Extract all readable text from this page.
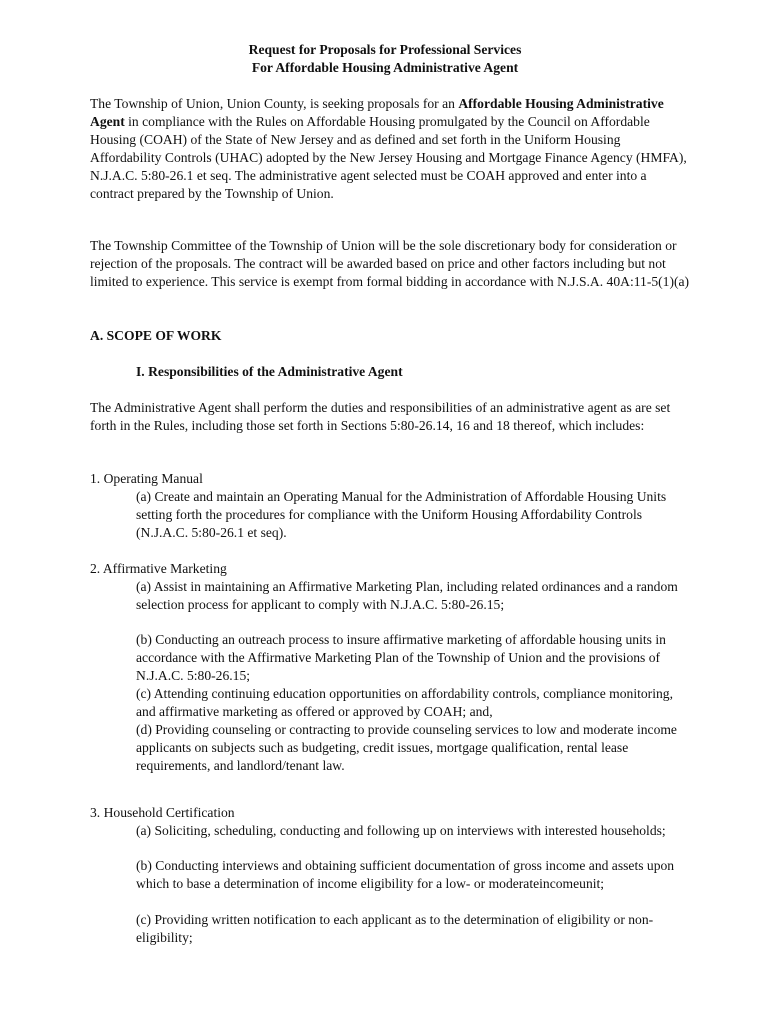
Request for Proposals for Professional Services
For Affordable Housing Administrative Agent

The Township of Union, Union County, is seeking proposals for an Affordable Housing Administrative Agent in compliance with the Rules on Affordable Housing promulgated by the Council on Affordable Housing (COAH) of the State of New Jersey and as defined and set forth in the Uniform Housing Affordability Controls (UHAC) adopted by the New Jersey Housing and Mortgage Finance Agency (HMFA), N.J.A.C. 5:80-26.1 et seq. The administrative agent selected must be COAH approved and enter into a contract prepared by the Township of Union.

The Township Committee of the Township of Union will be the sole discretionary body for consideration or rejection of the proposals. The contract will be awarded based on price and other factors including but not limited to experience. This service is exempt from formal bidding in accordance with N.J.S.A. 40A:11-5(1)(a)

A. SCOPE OF WORK
I. Responsibilities of the Administrative Agent

The Administrative Agent shall perform the duties and responsibilities of an administrative agent as are set forth in the Rules, including those set forth in Sections 5:80-26.14, 16 and 18 thereof, which includes:

1. Operating Manual

(a) Create and maintain an Operating Manual for the Administration of Affordable Housing Units setting forth the procedures for compliance with the Uniform Housing Affordability Controls (N.J.A.C. 5:80-26.1 et seq).

2. Affirmative Marketing

(a) Assist in maintaining an Affirmative Marketing Plan, including related ordinances and a random selection process for applicant to comply with N.J.A.C. 5:80-26.15;

(b) Conducting an outreach process to insure affirmative marketing of affordable housing units in accordance with the Affirmative Marketing Plan of the Township of Union and the provisions of N.J.A.C. 5:80-26.15;

(c) Attending continuing education opportunities on affordability controls, compliance monitoring, and affirmative marketing as offered or approved by COAH; and,

(d) Providing counseling or contracting to provide counseling services to low and moderate income applicants on subjects such as budgeting, credit issues, mortgage qualification, rental lease requirements, and landlord/tenant law.

3. Household Certification

(a) Soliciting, scheduling, conducting and following up on interviews with interested households;

(b) Conducting interviews and obtaining sufficient documentation of gross income and assets upon which to base a determination of income eligibility for a low- or moderateincomeunit;

(c) Providing written notification to each applicant as to the determination of eligibility or non-eligibility;
